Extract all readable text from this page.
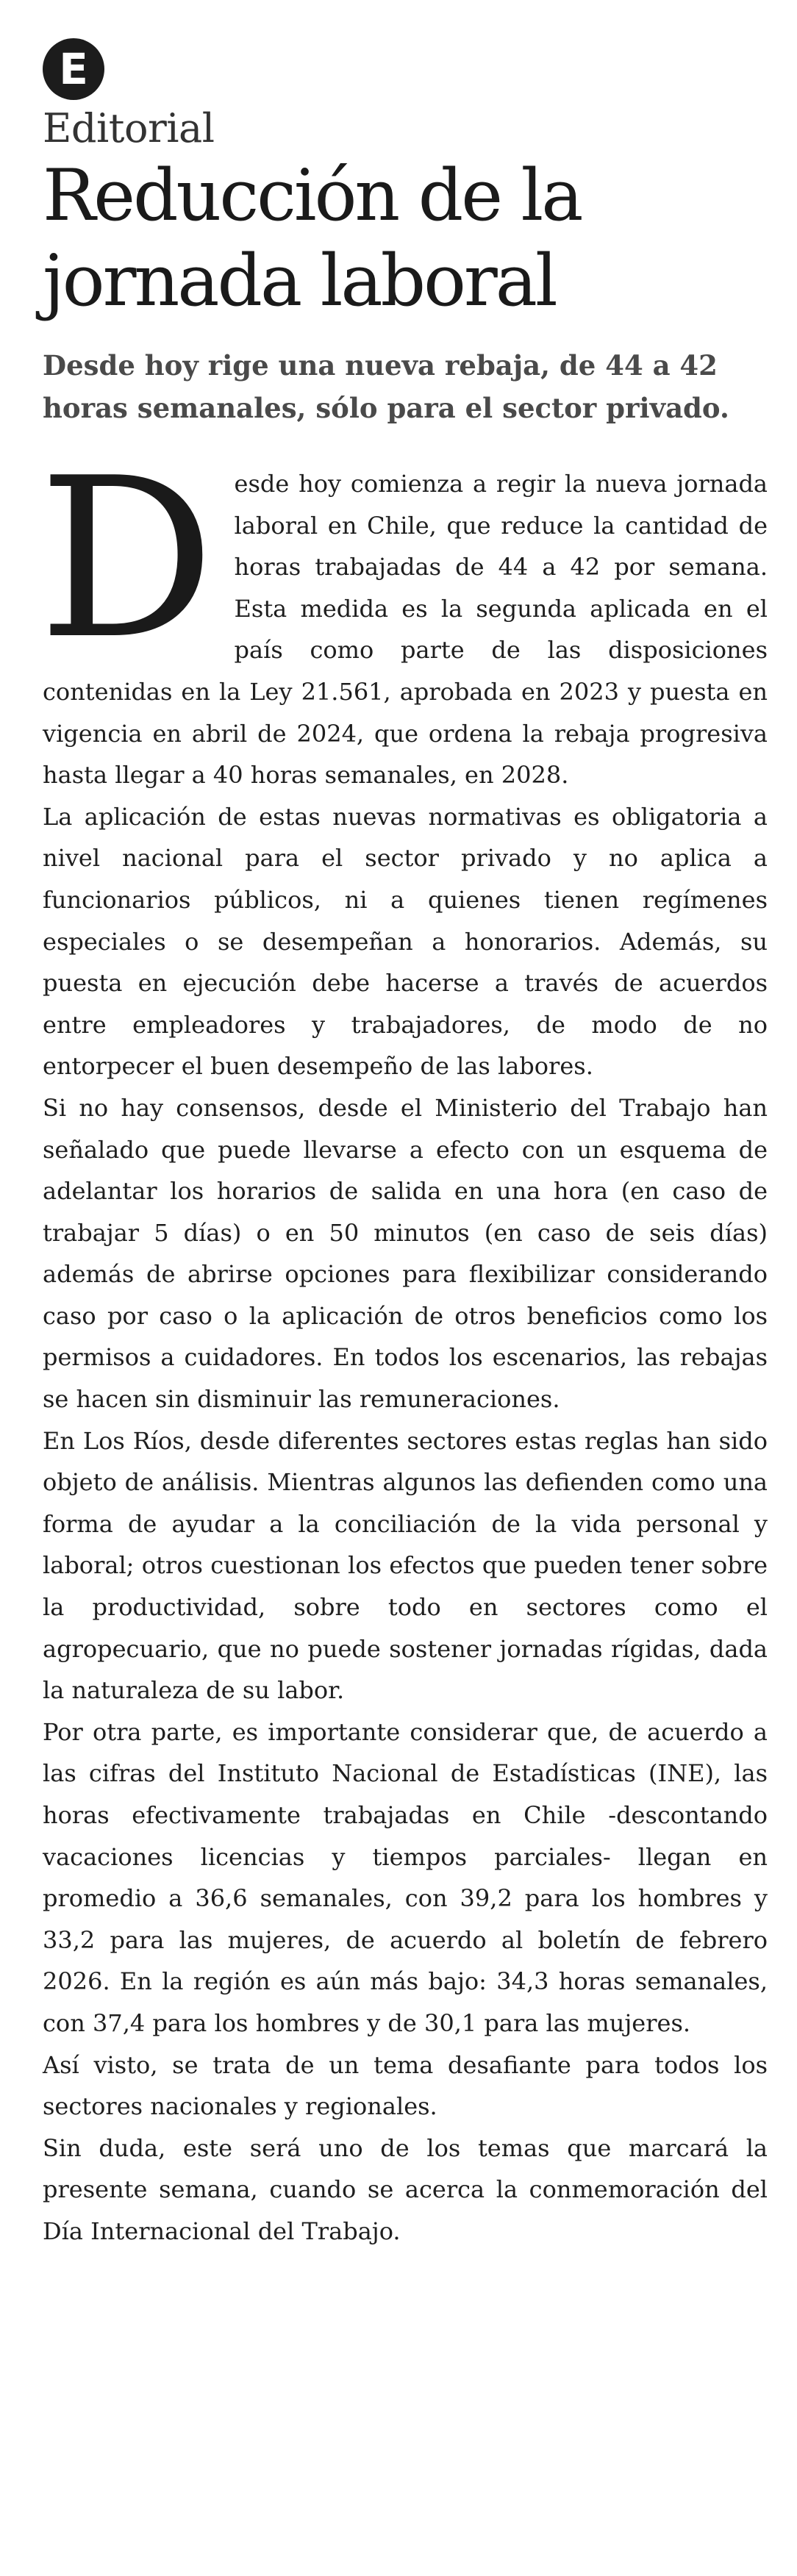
E
Editorial
Reducción de la jornada laboral
Desde hoy rige una nueva rebaja, de 44 a 42 horas semanales, sólo para el sector privado.

Desde hoy comienza a regir la nueva jornada laboral en Chile, que reduce la cantidad de horas trabajadas de 44 a 42 por semana. Esta medida es la segunda aplicada en el país como parte de las disposiciones contenidas en la Ley 21.561, aprobada en 2023 y puesta en vigencia en abril de 2024, que ordena la rebaja progresiva hasta llegar a 40 horas semanales, en 2028.

La aplicación de estas nuevas normativas es obligatoria a nivel nacional para el sector privado y no aplica a funcionarios públicos, ni a quienes tienen regímenes especiales o se desempeñan a honorarios. Además, su puesta en ejecución debe hacerse a través de acuerdos entre empleadores y trabajadores, de modo de no entorpecer el buen desempeño de las labores.

Si no hay consensos, desde el Ministerio del Trabajo han señalado que puede llevarse a efecto con un esquema de adelantar los horarios de salida en una hora (en caso de trabajar 5 días) o en 50 minutos (en caso de seis días) además de abrirse opciones para flexibilizar considerando caso por caso o la aplicación de otros beneficios como los permisos a cuidadores. En todos los escenarios, las rebajas se hacen sin disminuir las remuneraciones.

En Los Ríos, desde diferentes sectores estas reglas han sido objeto de análisis. Mientras algunos las defienden como una forma de ayudar a la conciliación de la vida personal y laboral; otros cuestionan los efectos que pueden tener sobre la productividad, sobre todo en sectores como el agropecuario, que no puede sostener jornadas rígidas, dada la naturaleza de su labor.

Por otra parte, es importante considerar que, de acuerdo a las cifras del Instituto Nacional de Estadísticas (INE), las horas efectivamente trabajadas en Chile -descontando vacaciones licencias y tiempos parciales- llegan en promedio a 36,6 semanales, con 39,2 para los hombres y 33,2 para las mujeres, de acuerdo al boletín de febrero 2026. En la región es aún más bajo: 34,3 horas semanales, con 37,4 para los hombres y de 30,1 para las mujeres.

Así visto, se trata de un tema desafiante para todos los sectores nacionales y regionales.

Sin duda, este será uno de los temas que marcará la presente semana, cuando se acerca la conmemoración del Día Internacional del Trabajo.
